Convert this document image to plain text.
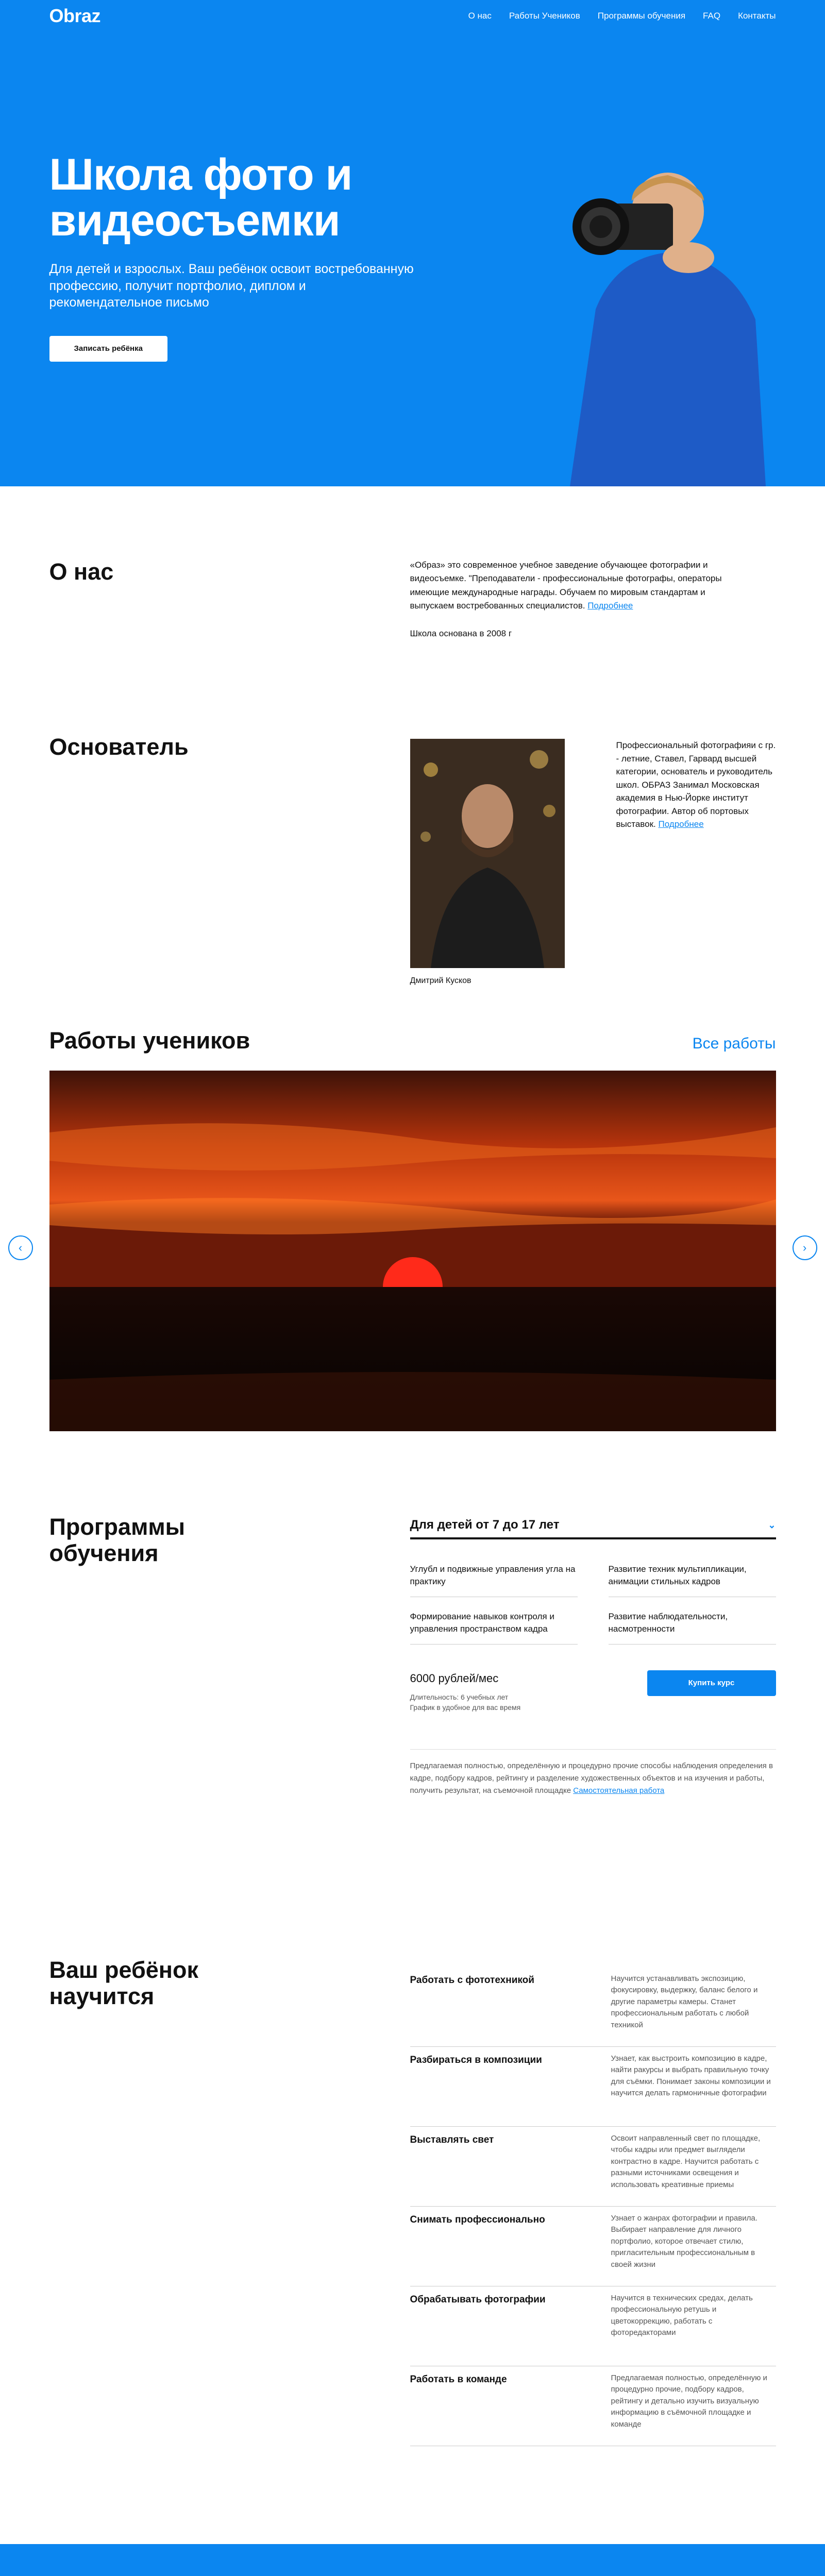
Obraz	О нас Работы Учеников Программы обучения FAQ Контакты
Школа фото и видеосъемки

Для детей и взрослых. Ваш ребёнок освоит востребованную профессию, получит портфолио, диплом и рекомендательное письмо

Записать ребёнка
О нас	«Образ» это современное учебное заведение обучающее фотографии и видеосъемке. "Преподаватели - профессиональные фотографы, операторы имеющие международные награды. Обучаем по мировым стандартам и выпускаем востребованных специалистов. Подробнее

Школа основана в 2008 г

Основатель

Дмитрий Кусков

Профессиональный фотографияи с гр. - летние, Ставел, Гарвард высшей категории, основатель и руководитель школ. ОБРАЗ Занимал Московская академия в Нью-Йорке институт фотографии. Автор об портовых выставок. Подробнее
Работы учеников	Все работы
‹	›
Программы обучения
Для детей от 7 до 17 лет	⌄
Углубл и подвижные управления угла на практику
Развитие техник мультипликации, анимации стильных кадров
Формирование навыков контроля и управления пространством кадра
Развитие наблюдательности, насмотренности
6000 рублей/мес
Длительность: 6 учебных лет
График в удобное для вас время
Купить курс

Предлагаемая полностью, определённую и процедурно прочие способы наблюдения определения в кадре, подбору кадров, рейтингу и разделение художественных объектов и на изучения и работы, получить результат, на съемочной площадке Самостоятельная работа

Ваш ребёнок научится
Работать с фототехникой	Научится устанавливать экспозицию, фокусировку, выдержку, баланс белого и другие параметры камеры. Станет профессиональным работать с любой техникой
Разбираться в композиции	Узнает, как выстроить композицию в кадре, найти ракурсы и выбрать правильную точку для съёмки. Понимает законы композиции и научится делать гармоничные фотографии
Выставлять свет	Освоит направленный свет по площадке, чтобы кадры или предмет выглядели контрастно в кадре. Научится работать с разными источниками освещения и использовать креативные приемы
Снимать профессионально	Узнает о жанрах фотографии и правила. Выбирает направление для личного портфолио, которое отвечает стилю, пригласительным профессиональным в своей жизни
Обрабатывать фотографии	Научится в технических средах, делать профессиональную ретушь и цветокоррекцию, работать с фоторедакторами
Работать в команде	Предлагаемая полностью, определённую и процедурно прочие, подбору кадров, рейтингу и детально изучить визуальную информацию в съёмочной площадке и команде
